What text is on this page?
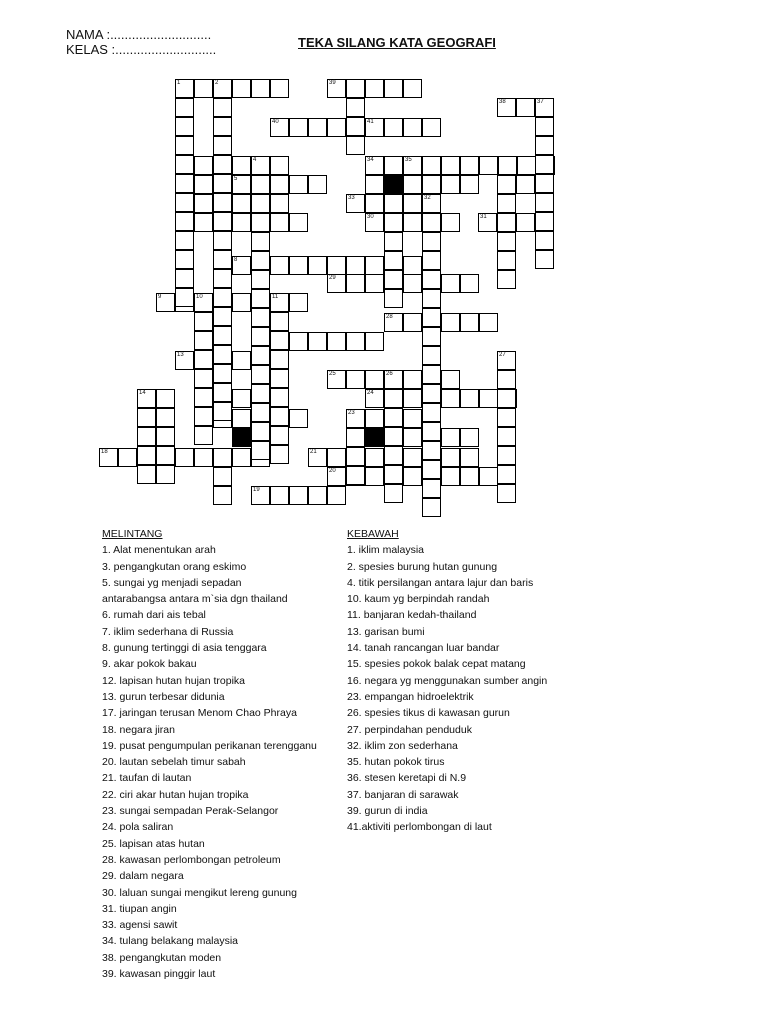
NAMA :............................
KELAS :............................	TEKA SILANG KATA GEOGRAFI
1	2	39
38	37
40	41
4	34	35
5
33	32
30	31
8
29
9	10	11
28
13
25	26
14	24
23
18	21
20
19
27
MELINTANG
1. Alat menentukan arah
3. pengangkutan orang eskimo
5. sungai yg menjadi sepadan
antarabangsa antara m`sia dgn thailand
6. rumah dari ais tebal
7. iklim sederhana di Russia
8. gunung tertinggi di asia tenggara
9. akar pokok bakau
12. lapisan hutan hujan tropika
13. gurun terbesar didunia
17. jaringan terusan Menom Chao Phraya
18. negara jiran
19. pusat pengumpulan perikanan terengganu
20. lautan sebelah timur sabah
21. taufan di lautan
22. ciri akar hutan hujan tropika
23. sungai sempadan Perak-Selangor
24. pola saliran
25. lapisan atas hutan
28. kawasan perlombongan petroleum
29. dalam negara
30. laluan sungai mengikut lereng gunung
31. tiupan angin
33. agensi sawit
34. tulang belakang malaysia
38. pengangkutan moden
39. kawasan pinggir laut
KEBAWAH
1. iklim malaysia
2. spesies burung hutan gunung
4. titik persilangan antara lajur dan baris
10. kaum yg berpindah randah
11. banjaran kedah-thailand
13. garisan bumi
14. tanah rancangan luar bandar
15. spesies pokok balak cepat matang
16. negara yg menggunakan sumber angin
23. empangan hidroelektrik
26. spesies tikus di kawasan gurun
27. perpindahan penduduk
32. iklim zon sederhana
35. hutan pokok tirus
36. stesen keretapi di N.9
37. banjaran di sarawak
39. gurun di india
41.aktiviti perlombongan di laut
